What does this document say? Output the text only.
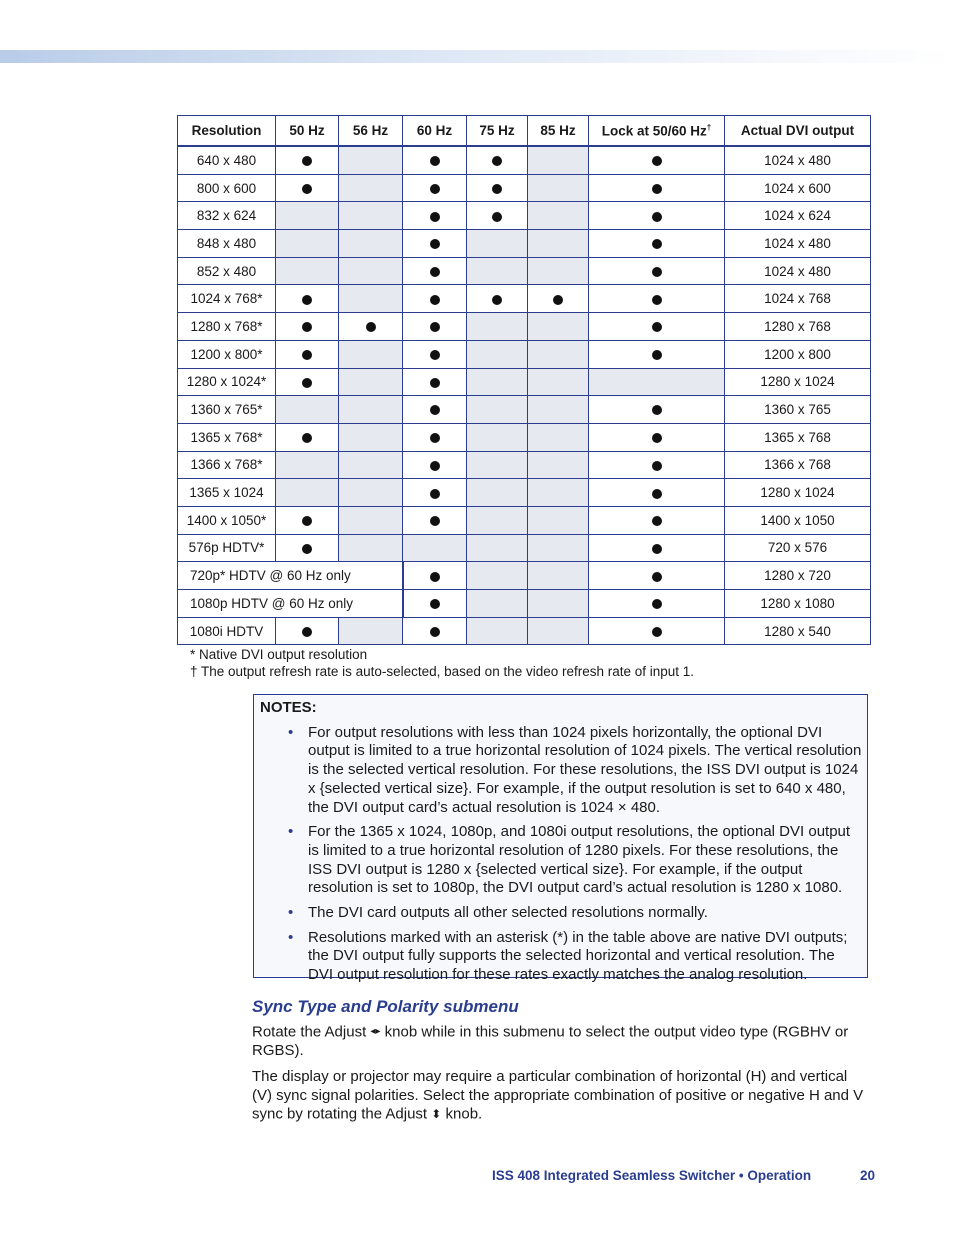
Resolution	50 Hz	56 Hz	60 Hz	75 Hz	85 Hz	Lock at 50/60 Hz†	Actual DVI output
640 x 480							1024 x 480
800 x 600							1024 x 600
832 x 624							1024 x 624
848 x 480							1024 x 480
852 x 480							1024 x 480
1024 x 768*							1024 x 768
1280 x 768*							1280 x 768
1200 x 800*							1200 x 800
1280 x 1024*							1280 x 1024
1360 x 765*							1360 x 765
1365 x 768*							1365 x 768
1366 x 768*							1366 x 768
1365 x 1024							1280 x 1024
1400 x 1050*							1400 x 1050
576p HDTV*							720 x 576
720p* HDTV @ 60 Hz only							1280 x 720
1080p HDTV @ 60 Hz only							1280 x 1080
1080i HDTV							1280 x 540
* Native DVI output resolution
† The output refresh rate is auto-selected, based on the video refresh rate of input 1.
NOTES:
• For output resolutions with less than 1024 pixels horizontally, the optional DVI output is limited to a true horizontal resolution of 1024 pixels. The vertical resolution is the selected vertical resolution. For these resolutions, the ISS DVI output is 1024 x {selected vertical size}. For example, if the output resolution is set to 640 x 480, the DVI output card’s actual resolution is 1024 × 480.
• For the 1365 x 1024, 1080p, and 1080i output resolutions, the optional DVI output is limited to a true horizontal resolution of 1280 pixels. For these resolutions, the ISS DVI output is 1280 x {selected vertical size}. For example, if the output resolution is set to 1080p, the DVI output card’s actual resolution is 1280 x 1080.
• The DVI card outputs all other selected resolutions normally.
• Resolutions marked with an asterisk (*) in the table above are native DVI outputs; the DVI output fully supports the selected horizontal and vertical resolution. The DVI output resolution for these rates exactly matches the analog resolution.
Sync Type and Polarity submenu
Rotate the Adjust ◂▸ knob while in this submenu to select the output video type (RGBHV or RGBS).
The display or projector may require a particular combination of horizontal (H) and vertical (V) sync signal polarities. Select the appropriate combination of positive or negative H and V sync by rotating the Adjust ⬍ knob.
ISS 408 Integrated Seamless Switcher • Operation	20
